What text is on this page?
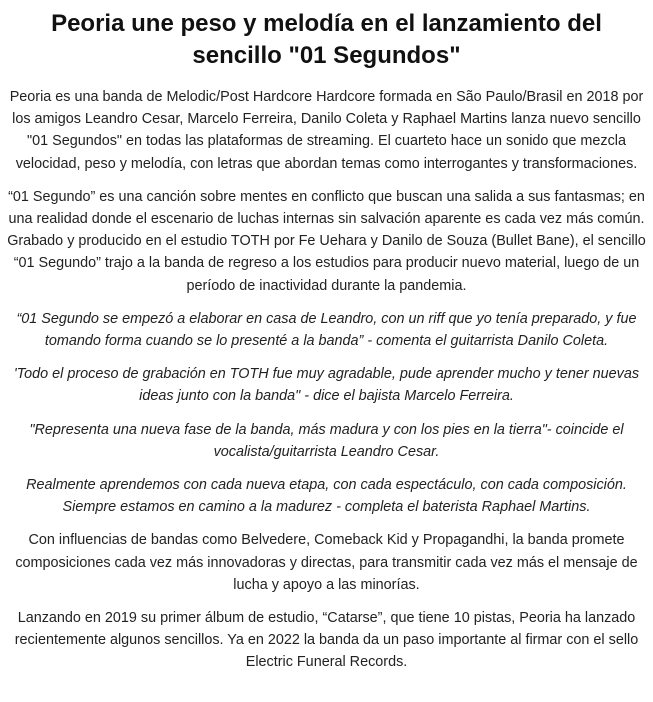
Peoria une peso y melodía en el lanzamiento del sencillo "01 Segundos"

Peoria es una banda de Melodic/Post Hardcore Hardcore formada en São Paulo/Brasil en 2018 por los amigos Leandro Cesar, Marcelo Ferreira, Danilo Coleta y Raphael Martins lanza nuevo sencillo "01 Segundos" en todas las plataformas de streaming. El cuarteto hace un sonido que mezcla velocidad, peso y melodía, con letras que abordan temas como interrogantes y transformaciones.

“01 Segundo” es una canción sobre mentes en conflicto que buscan una salida a sus fantasmas; en una realidad donde el escenario de luchas internas sin salvación aparente es cada vez más común. Grabado y producido en el estudio TOTH por Fe Uehara y Danilo de Souza (Bullet Bane), el sencillo “01 Segundo” trajo a la banda de regreso a los estudios para producir nuevo material, luego de un período de inactividad durante la pandemia.

“01 Segundo se empezó a elaborar en casa de Leandro, con un riff que yo tenía preparado, y fue tomando forma cuando se lo presenté a la banda” - comenta el guitarrista Danilo Coleta.

'Todo el proceso de grabación en TOTH fue muy agradable, pude aprender mucho y tener nuevas ideas junto con la banda" - dice el bajista Marcelo Ferreira.

"Representa una nueva fase de la banda, más madura y con los pies en la tierra"- coincide el vocalista/guitarrista Leandro Cesar.

Realmente aprendemos con cada nueva etapa, con cada espectáculo, con cada composición. Siempre estamos en camino a la madurez - completa el baterista Raphael Martins.

Con influencias de bandas como Belvedere, Comeback Kid y Propagandhi, la banda promete composiciones cada vez más innovadoras y directas, para transmitir cada vez más el mensaje de lucha y apoyo a las minorías.

Lanzando en 2019 su primer álbum de estudio, “Catarse”, que tiene 10 pistas, Peoria ha lanzado recientemente algunos sencillos. Ya en 2022 la banda da un paso importante al firmar con el sello Electric Funeral Records.
